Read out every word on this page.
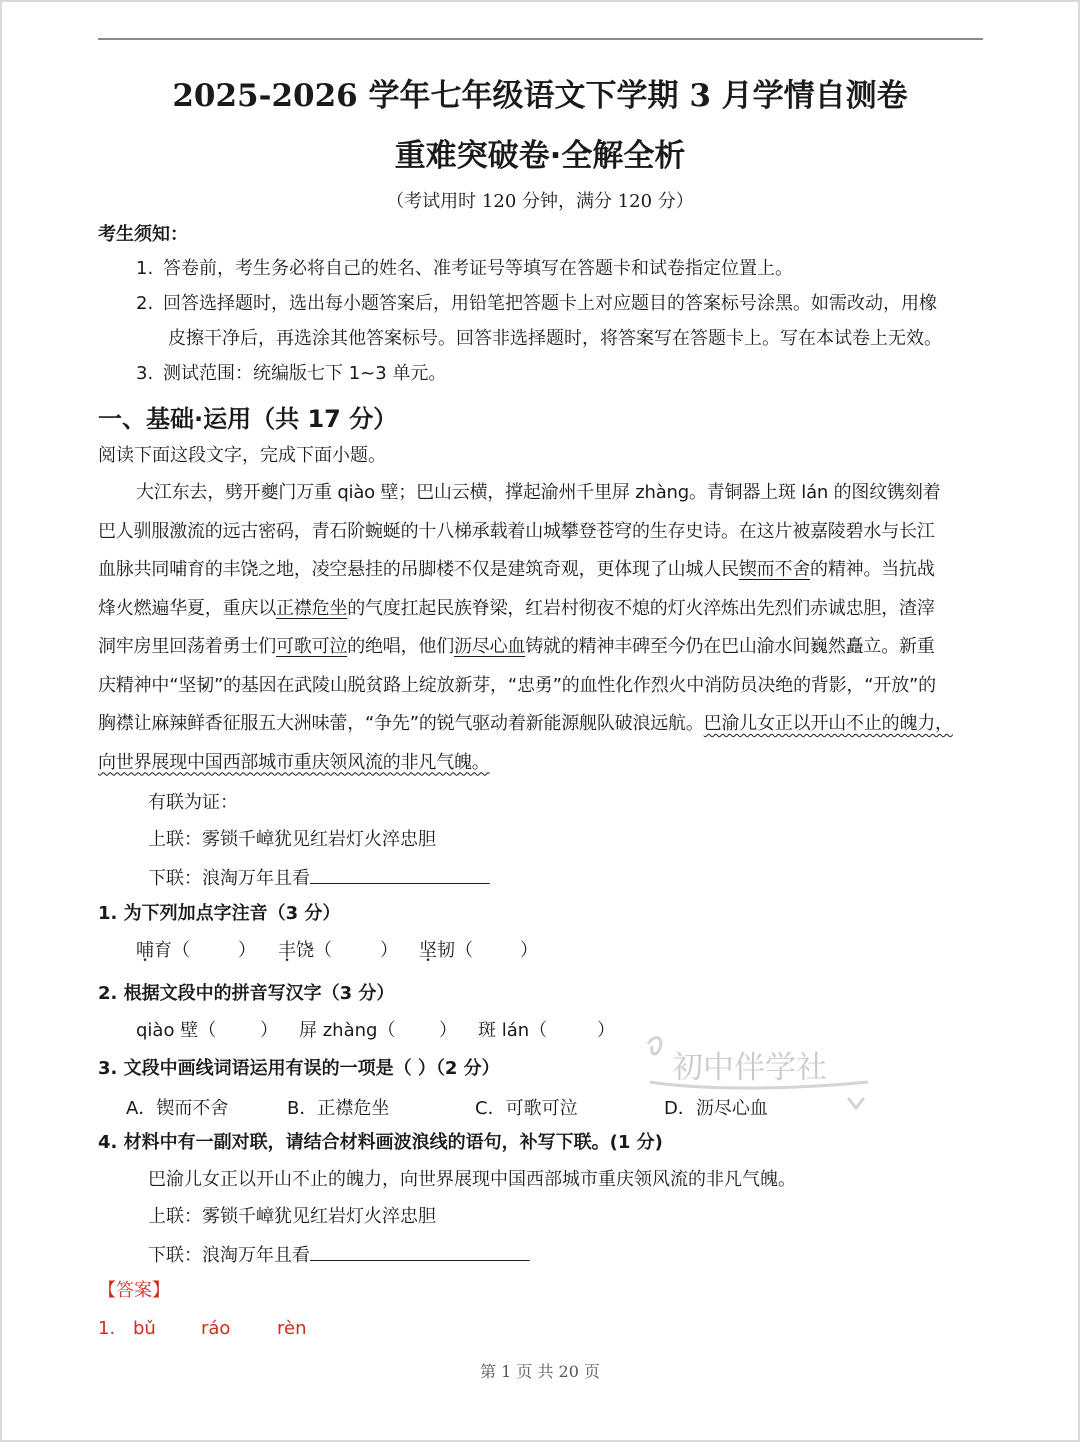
2025-2026 学年七年级语文下学期 3 月学情自测卷
重难突破卷·全解全析
（考试用时 120 分钟，满分 120 分）
考生须知：
1. 答卷前，考生务必将自己的姓名、准考证号等填写在答题卡和试卷指定位置上。
2. 回答选择题时，选出每小题答案后，用铅笔把答题卡上对应题目的答案标号涂黑。如需改动，用橡
皮擦干净后，再选涂其他答案标号。回答非选择题时，将答案写在答题卡上。写在本试卷上无效。
3. 测试范围：统编版七下 1~3 单元。
一、基础·运用（共 17 分）
阅读下面这段文字，完成下面小题。
大江东去，劈开夔门万重 qiào 壁；巴山云横，撑起渝州千里屏 zhàng。青铜器上斑 lán 的图纹镌刻着
巴人驯服激流的远古密码，青石阶蜿蜒的十八梯承载着山城攀登苍穹的生存史诗。在这片被嘉陵碧水与长江
血脉共同哺 •育的丰饶 •之地，凌空悬挂的吊脚楼不仅是建筑奇观，更体现了山城人民锲而不舍的精神。当抗战
烽火燃遍华夏，重庆以正襟危坐的气度扛起民族脊梁，红岩村彻夜不熄的灯火淬炼出先烈们赤诚忠胆，渣滓
洞牢房里回荡着勇士们可歌可泣的绝唱，他们沥尽心血铸就的精神丰碑至今仍在巴山渝水间巍然矗立。新重
庆精神中“坚韧 •”的基因在武陵山脱贫路上绽放新芽，“忠勇”的血性化作烈火中消防员决绝的背影，“开放”的
胸襟让麻辣鲜香征服五大洲味蕾，“争先”的锐气驱动着新能源舰队破浪远航。巴渝儿女正以开山不止的魄力，
向世界展现中国西部城市重庆领风流的非凡气魄。
有联为证：
上联：雾锁千嶂犹见红岩灯火淬忠胆
下联：浪淘万年且看
1. 为下列加点字注音（3 分）
哺育（	） 丰饶（	） 坚韧（	）
2. 根据文段中的拼音写汉字（3 分）
qiào 壁（ ） 屏 zhàng（ ） 斑 lán（	）
初中伴学社
3. 文段中画线词语运用有误的一项是（ ）（2 分）
A．锲而不舍	B．正襟危坐	C．可歌可泣	D．沥尽心血
4. 材料中有一副对联，请结合材料画波浪线的语句，补写下联。(1 分)
巴渝儿女正以开山不止的魄力，向世界展现中国西部城市重庆领风流的非凡气魄。
上联：雾锁千嶂犹见红岩灯火淬忠胆
下联：浪淘万年且看
【答案】
1. bǔ	ráo	rèn
第 1 页 共 20 页
